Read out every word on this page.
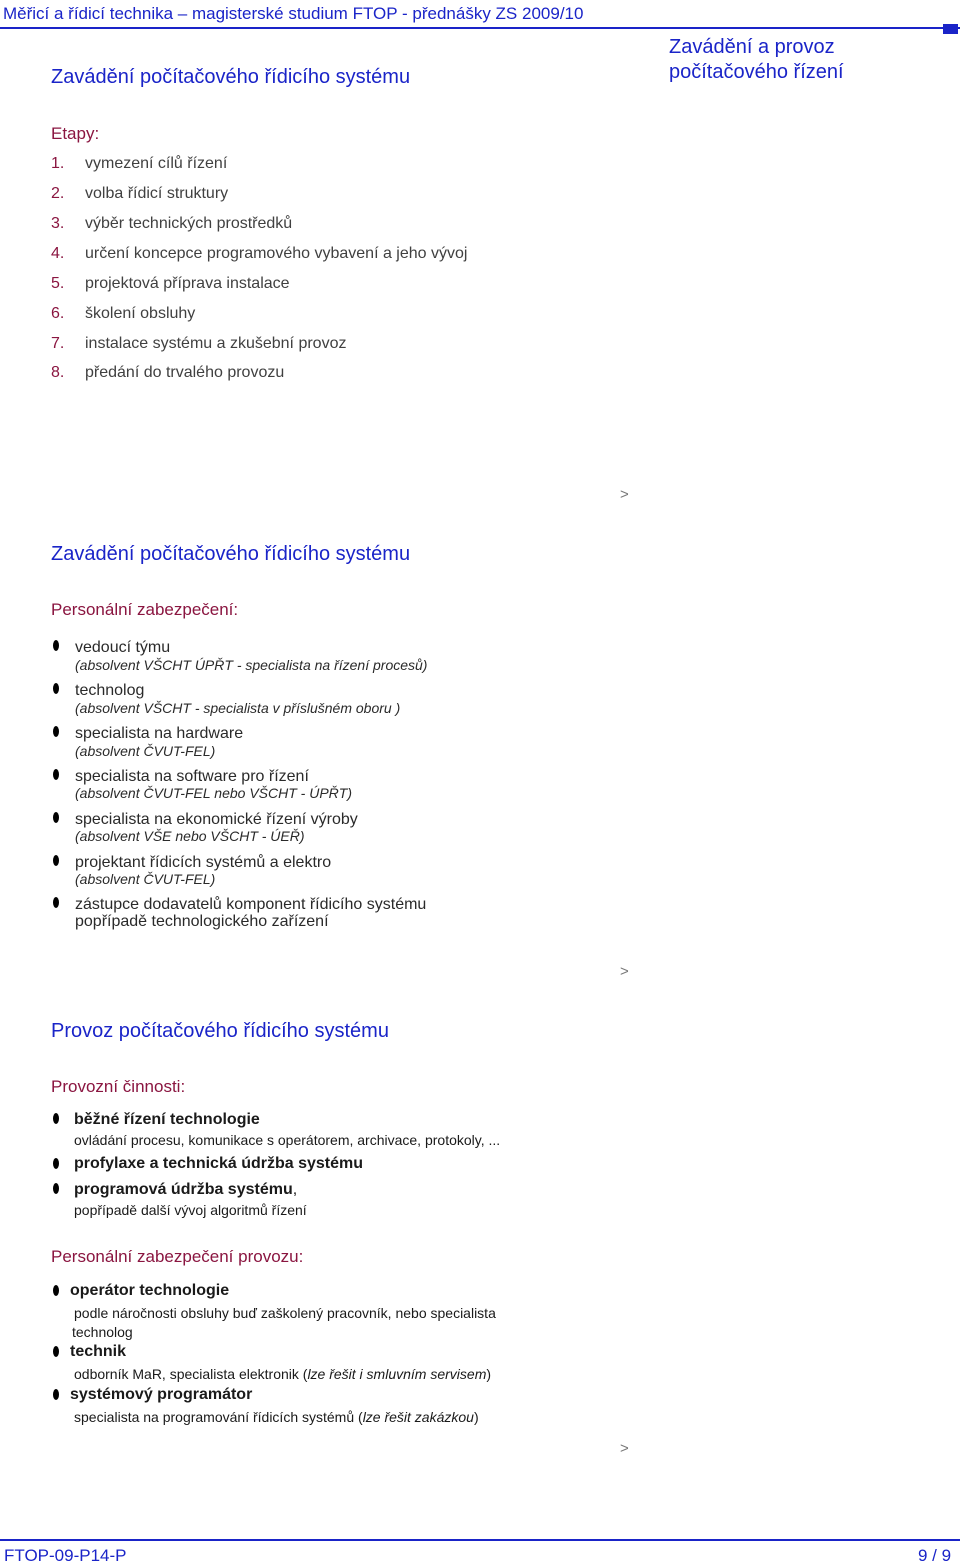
Měřicí a řídicí technika – magisterské studium FTOP - přednášky ZS 2009/10
Zavádění a provoz počítačového řízení
Zavádění počítačového řídicího systému
Etapy:
1. vymezení cílů řízení
2. volba řídicí struktury
3. výběr technických prostředků
4. určení koncepce programového vybavení a jeho vývoj
5. projektová příprava instalace
6. školení obsluhy
7. instalace systému a zkušební provoz
8. předání do trvalého provozu
>
Zavádění počítačového řídicího systému
Personální zabezpečení:
vedoucí týmu
(absolvent VŠCHT ÚPŘT - specialista na řízení procesů)
technolog
(absolvent VŠCHT - specialista v příslušném oboru )
specialista na hardware
(absolvent ČVUT-FEL)
specialista na software pro řízení
(absolvent ČVUT-FEL nebo VŠCHT - ÚPŘT)
specialista na ekonomické řízení výroby
(absolvent VŠE nebo VŠCHT - ÚEŘ)
projektant řídicích systémů a elektro
(absolvent ČVUT-FEL)
zástupce dodavatelů komponent řídicího systému
popřípadě technologického zařízení
>
Provoz počítačového řídicího systému
Provozní činnosti:
běžné řízení technologie
ovládání procesu, komunikace s operátorem, archivace, protokoly, ...
profylaxe a technická údržba systému
programová údržba systému,
popřípadě další vývoj algoritmů řízení
Personální zabezpečení provozu:
operátor technologie
podle náročnosti obsluhy buď zaškolený pracovník, nebo specialista
technolog
technik
odborník MaR, specialista elektronik (lze řešit i smluvním servisem)
systémový programátor
specialista na programování řídicích systémů (lze řešit zakázkou)
>
FTOP-09-P14-P	9 / 9
